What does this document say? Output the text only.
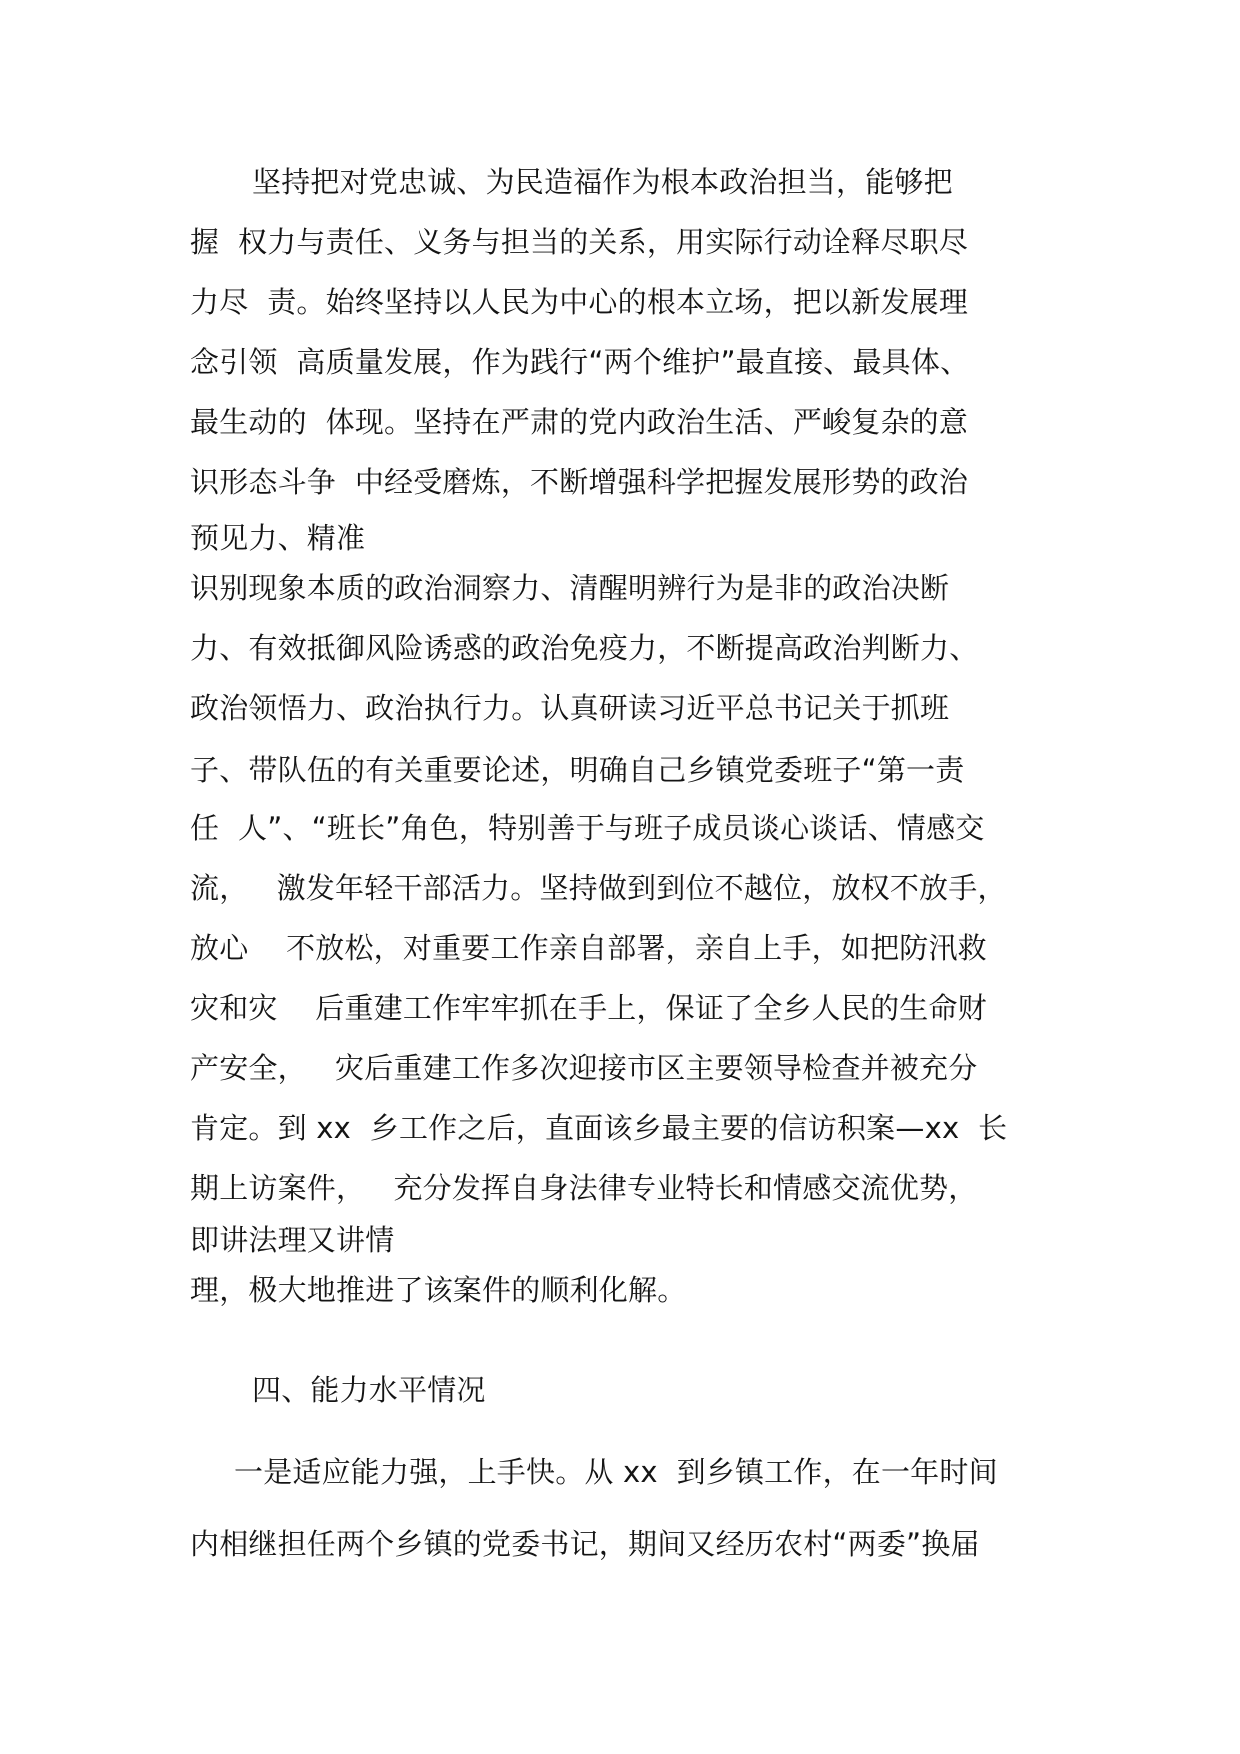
坚持把对党忠诚、为民造福作为根本政治担当，能够把
握  权力与责任、义务与担当的关系，用实际行动诠释尽职尽
力尽  责。始终坚持以人民为中心的根本立场，把以新发展理
念引领  高质量发展，作为践行“两个维护”最直接、最具体、
最生动的  体现。坚持在严肃的党内政治生活、严峻复杂的意
识形态斗争  中经受磨炼，不断增强科学把握发展形势的政治
预见力、精准
识别现象本质的政治洞察力、清醒明辨行为是非的政治决断
力、有效抵御风险诱惑的政治免疫力，不断提高政治判断力、
政治领悟力、政治执行力。认真研读习近平总书记关于抓班
子、带队伍的有关重要论述，明确自己乡镇党委班子“第一责
任  人”、“班长”角色，特别善于与班子成员谈心谈话、情感交
流，   激发年轻干部活力。坚持做到到位不越位，放权不放手，
放心    不放松，对重要工作亲自部署，亲自上手，如把防汛救
灾和灾    后重建工作牢牢抓在手上，保证了全乡人民的生命财
产安全，   灾后重建工作多次迎接市区主要领导检查并被充分
肯定。到 xx  乡工作之后，直面该乡最主要的信访积案—xx  长
期上访案件，   充分发挥自身法律专业特长和情感交流优势，
即讲法理又讲情
理，极大地推进了该案件的顺利化解。
四、能力水平情况
一是适应能力强，上手快。从 xx  到乡镇工作，在一年时间
内相继担任两个乡镇的党委书记，期间又经历农村“两委”换届
